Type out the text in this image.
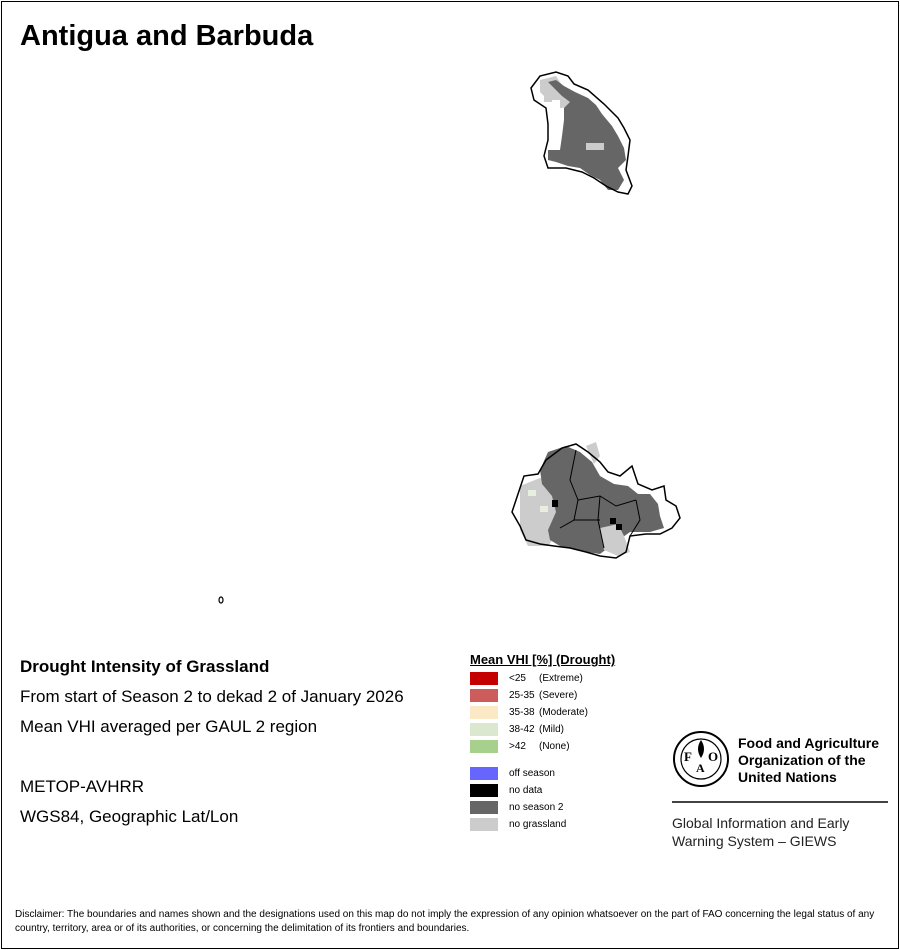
Antigua and Barbuda
Drought Intensity of Grassland
From start of Season 2 to dekad 2 of January 2026
Mean VHI averaged per GAUL 2 region
METOP-AVHRR
WGS84, Geographic Lat/Lon
Mean VHI [%] (Drought)
<25 (Extreme)
25-35 (Severe)
35-38 (Moderate)
38-42 (Mild)
>42 (None)
off season
no data
no season 2
no grassland
F
A
O
Food and Agriculture
Organization of the
United Nations
Global Information and Early
Warning System – GIEWS
Disclaimer: The boundaries and names shown and the designations used on this map do not imply the expression of any opinion whatsoever on the part of FAO concerning the legal status of any country, territory, area or of its authorities, or concerning the delimitation of its frontiers and boundaries.
